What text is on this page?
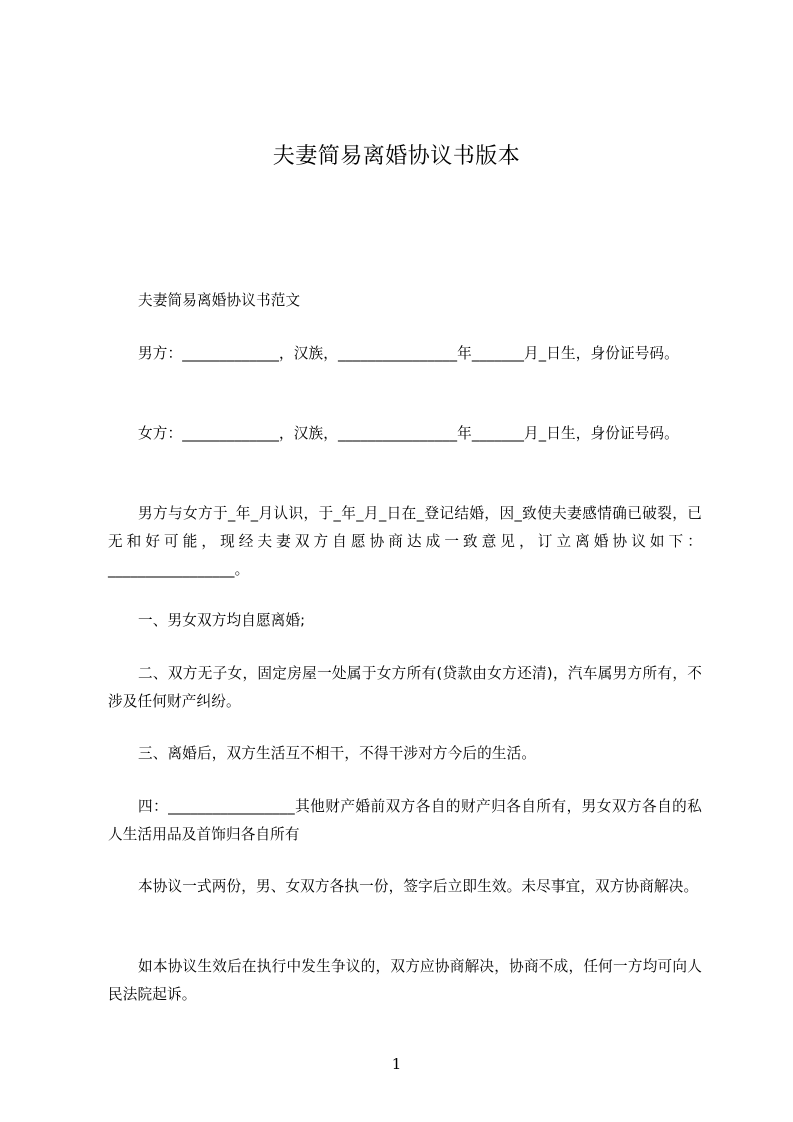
夫妻简易离婚协议书版本

夫妻简易离婚协议书范文

男方：_____________，汉族，________________年_______月_日生，身份证号码。

女方：_____________，汉族，________________年_______月_日生，身份证号码。

男方与女方于_年_月认识，于_年_月_日在_登记结婚，因_致使夫妻感情确已破裂，已无和好可能，现经夫妻双方自愿协商达成一致意见，订立离婚协议如下：_________________。

一、男女双方均自愿离婚;

二、双方无子女，固定房屋一处属于女方所有(贷款由女方还清)，汽车属男方所有，不涉及任何财产纠纷。

三、离婚后，双方生活互不相干，不得干涉对方今后的生活。

四：_________________其他财产婚前双方各自的财产归各自所有，男女双方各自的私人生活用品及首饰归各自所有

本协议一式两份，男、女双方各执一份，签字后立即生效。未尽事宜，双方协商解决。

如本协议生效后在执行中发生争议的，双方应协商解决，协商不成，任何一方均可向人民法院起诉。

1
